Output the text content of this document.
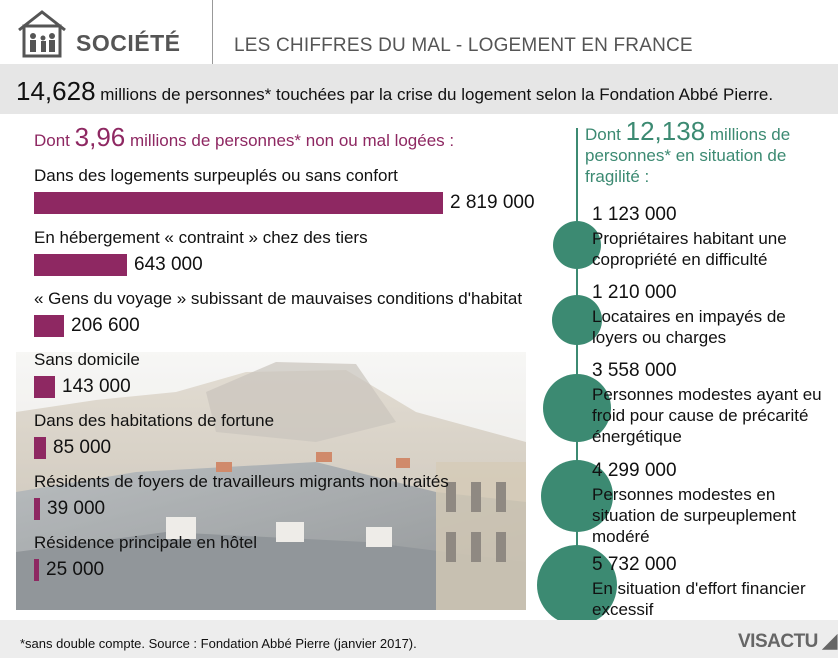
SOCIÉTÉ	LES CHIFFRES DU MAL - LOGEMENT EN FRANCE
14,628 millions de personnes* touchées par la crise du logement selon la Fondation Abbé Pierre.
Dont 3,96 millions de personnes* non ou mal logées :
Dans des logements surpeuplés ou sans confort
2 819 000
En hébergement « contraint » chez des tiers
643 000
« Gens du voyage » subissant de mauvaises conditions d'habitat
206 600
Sans domicile
143 000
Dans des habitations de fortune
85 000
Résidents de foyers de travailleurs migrants non traités
39 000
Résidence principale en hôtel
25 000
Dont 12,138 millions de personnes* en situation de fragilité :
1 123 000
Propriétaires habitant une copropriété en difficulté
1 210 000
Locataires en impayés de loyers ou charges
3 558 000
Personnes modestes ayant eu froid pour cause de précarité énergétique
4 299 000
Personnes modestes en situation de surpeuplement modéré
5 732 000
En situation d'effort financier excessif
*sans double compte. Source : Fondation Abbé Pierre (janvier 2017).	VISACTU ◢
